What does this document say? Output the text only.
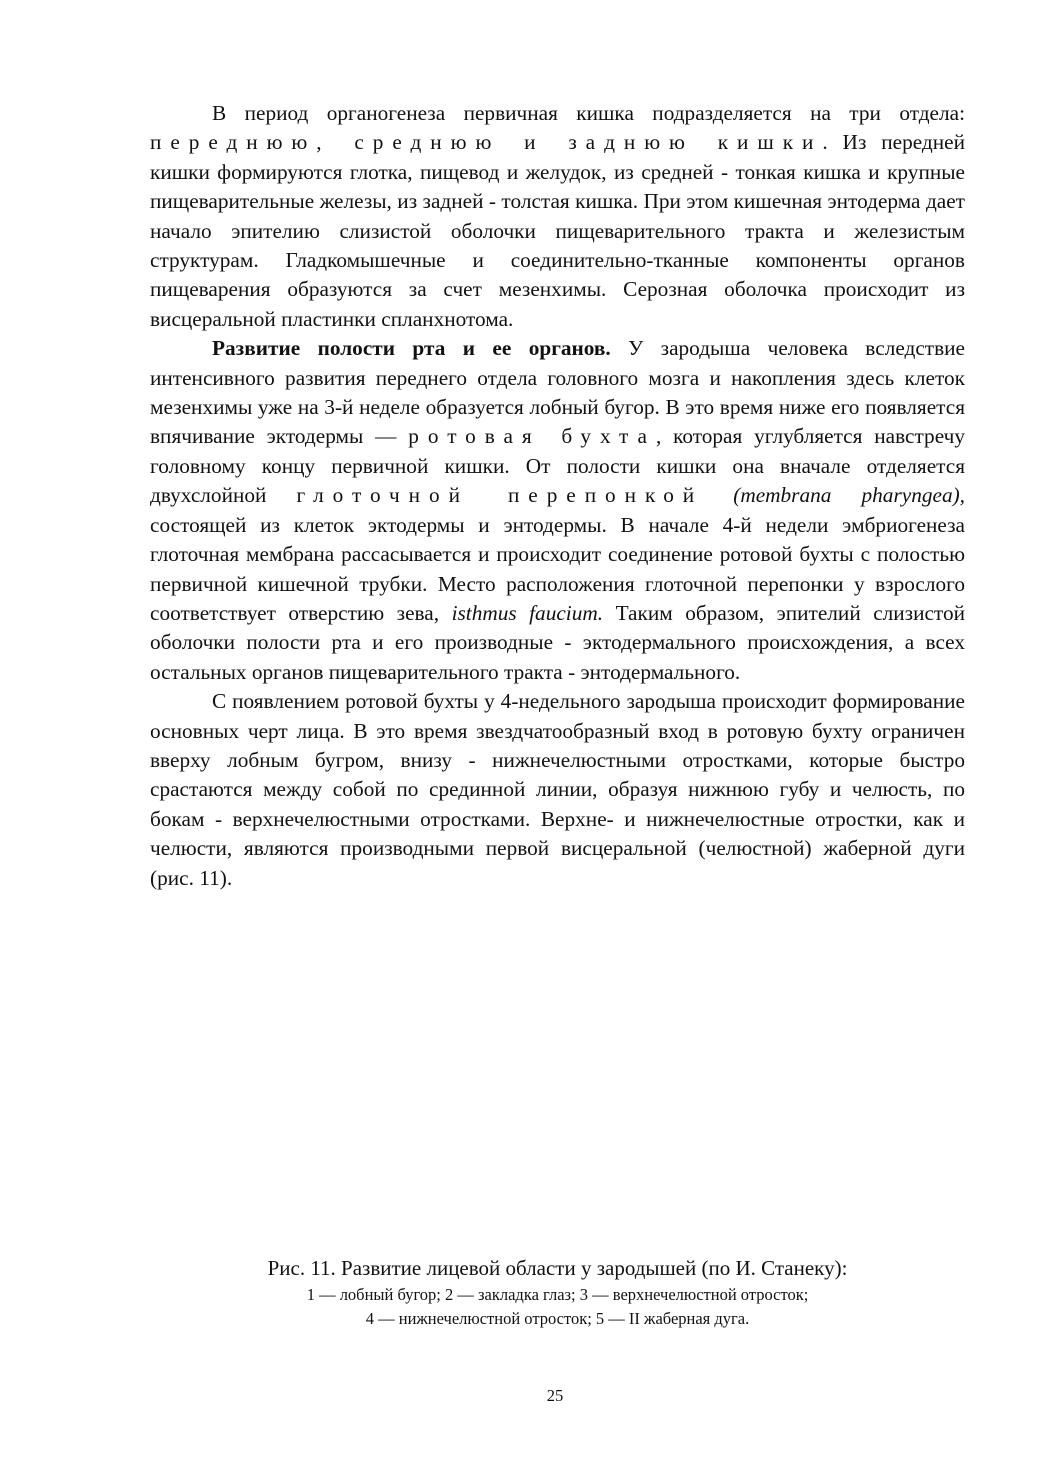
В период органогенеза первичная кишка подразделяется на три отдела: переднюю, среднюю и заднюю кишки. Из передней кишки формируются глотка, пищевод и желудок, из средней - тонкая кишка и крупные пищеварительные железы, из задней - толстая кишка. При этом кишечная энтодерма дает начало эпителию слизистой оболочки пищеварительного тракта и железистым структурам. Гладкомышечные и соединительно-тканные компоненты органов пищеварения образуются за счет мезенхимы. Серозная оболочка происходит из висцеральной пластинки спланхнотома.

Развитие полости рта и ее органов. У зародыша человека вследствие интенсивного развития переднего отдела головного мозга и накопления здесь клеток мезенхимы уже на 3-й неделе образуется лобный бугор. В это время ниже его появляется впячивание эктодермы — ротовая бухта, которая углубляется навстречу головному концу первичной кишки. От полости кишки она вначале отделяется двухслойной глоточной перепонкой (membrana pharyngea), состоящей из клеток эктодермы и энтодермы. В начале 4-й недели эмбриогенеза глоточная мембрана рассасывается и происходит соединение ротовой бухты с полостью первичной кишечной трубки. Место расположения глоточной перепонки у взрослого соответствует отверстию зева, isthmus faucium. Таким образом, эпителий слизистой оболочки полости рта и его производные - эктодермального происхождения, а всех остальных органов пищеварительного тракта - энтодермального.

С появлением ротовой бухты у 4-недельного зародыша происходит формирование основных черт лица. В это время звездчатообразный вход в ротовую бухту ограничен вверху лобным бугром, внизу - нижнечелюстными отростками, которые быстро срастаются между собой по срединной линии, образуя нижнюю губу и челюсть, по бокам - верхнечелюстными отростками. Верхне- и нижнечелюстные отростки, как и челюсти, являются производными первой висцеральной (челюстной) жаберной дуги (рис. 11).

Рис. 11. Развитие лицевой области у зародышей (по И. Станеку):
1 — лобный бугор; 2 — закладка глаз; 3 — верхнечелюстной отросток;
4 — нижнечелюстной отросток; 5 — II жаберная дуга.
25
